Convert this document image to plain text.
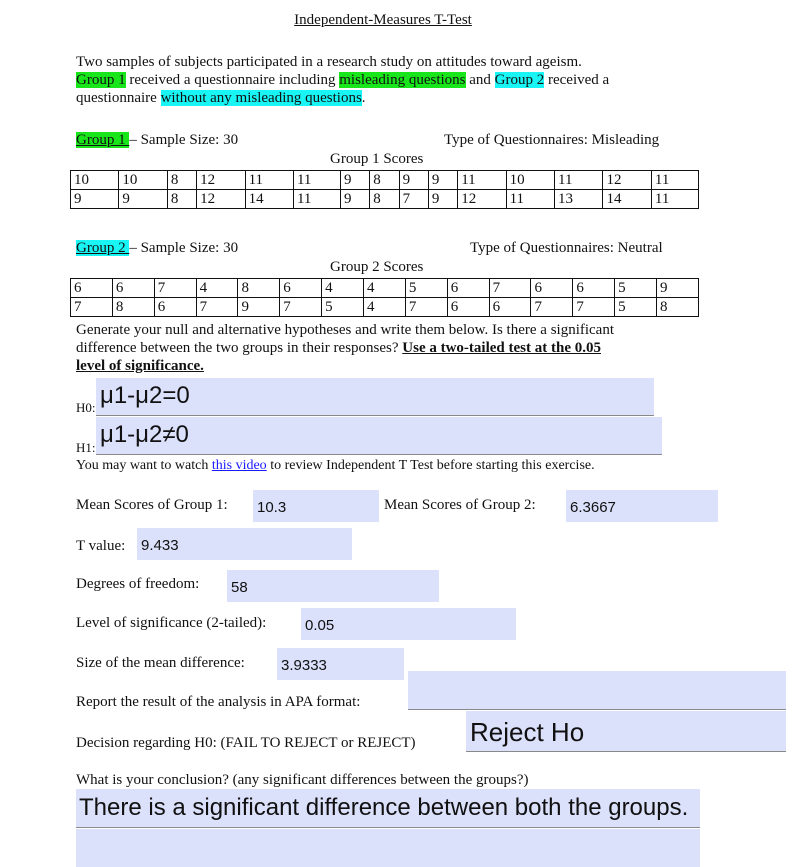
Independent-Measures T-Test
Two samples of subjects participated in a research study on attitudes toward ageism.
Group 1 received a questionnaire including misleading questions and Group 2 received a
questionnaire without any misleading questions.
Group 1 – Sample Size: 30	Type of Questionnaires: Misleading
Group 1 Scores
10	10	8	12	11	11	9	8	9	9	11	10	11	12	11
9	9	8	12	14	11	9	8	7	9	12	11	13	14	11
Group 2 – Sample Size: 30	Type of Questionnaires: Neutral
Group 2 Scores
6	6	7	4	8	6	4	4	5	6	7	6	6	5	9
7	8	6	7	9	7	5	4	7	6	6	7	7	5	8
Generate your null and alternative hypotheses and write them below. Is there a significant
difference between the two groups in their responses? Use a two-tailed test at the 0.05
level of significance.
H0: μ1-μ2=0
H1: μ1-μ2≠0
You may want to watch this video to review Independent T Test before starting this exercise.
Mean Scores of Group 1: 10.3	Mean Scores of Group 2: 6.3667
T value: 9.433
Degrees of freedom: 58
Level of significance (2-tailed):	0.05
Size of the mean difference: 3.9333
Report the result of the analysis in APA format:
Decision regarding H0: (FAIL TO REJECT or REJECT) Reject Ho
What is your conclusion? (any significant differences between the groups?)
There is a significant difference between both the groups.
